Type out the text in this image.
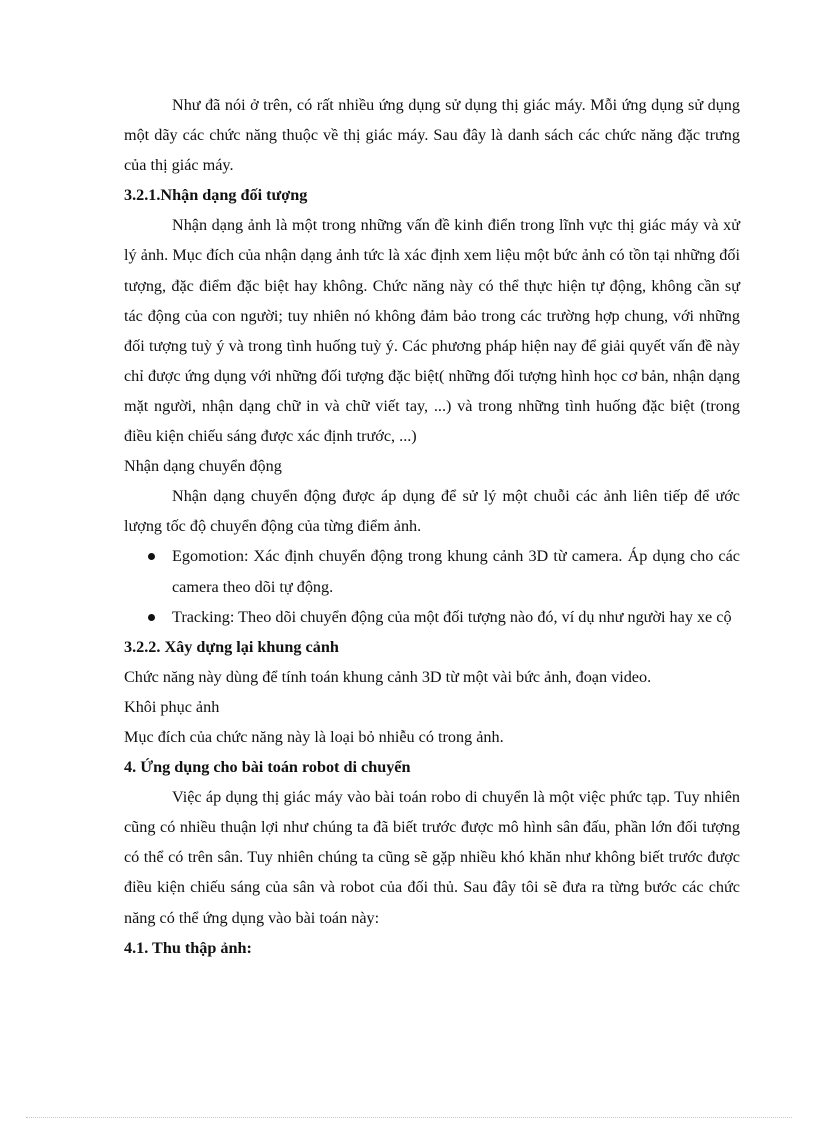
Như đã nói ở trên, có rất nhiều ứng dụng sử dụng thị giác máy. Mỗi ứng dụng sử dụng một dãy các chức năng thuộc về thị giác máy. Sau đây là danh sách các chức năng đặc trưng của thị giác máy.

3.2.1.Nhận dạng đối tượng

Nhận dạng ảnh là một trong những vấn đề kinh điển trong lĩnh vực thị giác máy và xử lý ảnh. Mục đích của nhận dạng ảnh tức là xác định xem liệu một bức ảnh có tồn tại những đối tượng, đặc điểm đặc biệt hay không. Chức năng này có thể thực hiện tự động, không cần sự tác động của con người; tuy nhiên nó không đảm bảo trong các trường hợp chung, với những đối tượng tuỳ ý và trong tình huống tuỳ ý. Các phương pháp hiện nay để giải quyết vấn đề này chỉ được ứng dụng với những đối tượng đặc biệt( những đối tượng hình học cơ bản, nhận dạng mặt người, nhận dạng chữ in và chữ viết tay, ...) và trong những tình huống đặc biệt (trong điều kiện chiếu sáng được xác định trước, ...)

Nhận dạng chuyển động

Nhận dạng chuyển động được áp dụng để sử lý một chuỗi các ảnh liên tiếp để ước lượng tốc độ chuyển động của từng điểm ảnh.

Egomotion: Xác định chuyển động trong khung cảnh 3D từ camera. Áp dụng cho các camera theo dõi tự động.
Tracking: Theo dõi chuyển động của một đối tượng nào đó, ví dụ như người hay xe cộ

3.2.2. Xây dựng lại khung cảnh

Chức năng này dùng để tính toán khung cảnh 3D từ một vài bức ảnh, đoạn video.

Khôi phục ảnh

Mục đích của chức năng này là loại bỏ nhiễu có trong ảnh.

4. Ứng dụng cho bài toán robot di chuyển

Việc áp dụng thị giác máy vào bài toán robo di chuyển là một việc phức tạp. Tuy nhiên cũng có nhiều thuận lợi như chúng ta đã biết trước được mô hình sân đấu, phần lớn đối tượng có thể có trên sân. Tuy nhiên chúng ta cũng sẽ gặp nhiều khó khăn như không biết trước được điều kiện chiếu sáng của sân và robot của đối thủ. Sau đây tôi sẽ đưa ra từng bước các chức năng có thể ứng dụng vào bài toán này:

4.1. Thu thập ảnh:
